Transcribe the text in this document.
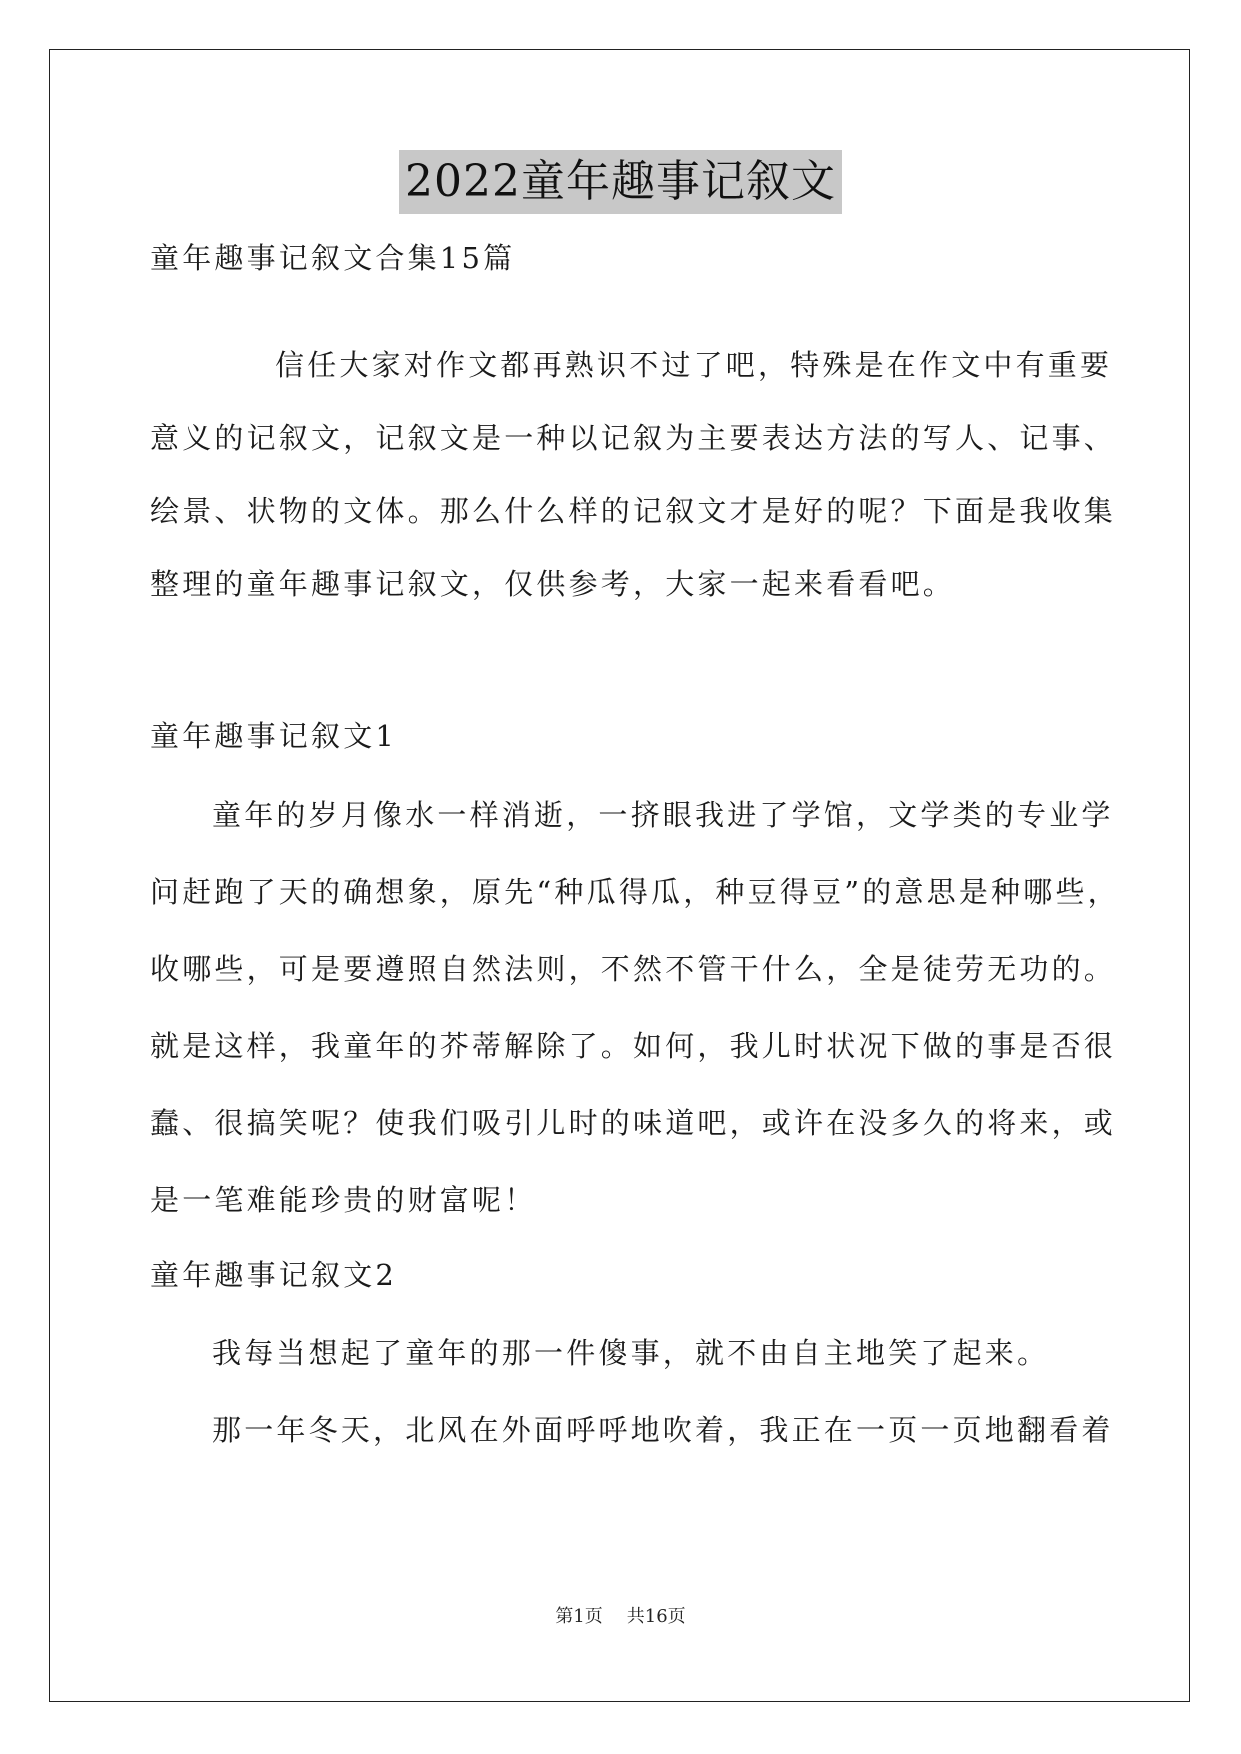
2022童年趣事记叙文
童年趣事记叙文合集15篇
信任大家对作文都再熟识不过了吧，特殊是在作文中有重要
意义的记叙文，记叙文是一种以记叙为主要表达方法的写人、记事、
绘景、状物的文体。那么什么样的记叙文才是好的呢？下面是我收集
整理的童年趣事记叙文，仅供参考，大家一起来看看吧。
童年趣事记叙文1
童年的岁月像水一样消逝，一挤眼我进了学馆，文学类的专业学
问赶跑了天的确想象，原先“种瓜得瓜，种豆得豆”的意思是种哪些，
收哪些，可是要遵照自然法则，不然不管干什么，全是徒劳无功的。
就是这样，我童年的芥蒂解除了。如何，我儿时状况下做的事是否很
蠢、很搞笑呢？使我们吸引儿时的味道吧，或许在没多久的将来，或
是一笔难能珍贵的财富呢！
童年趣事记叙文2
我每当想起了童年的那一件傻事，就不由自主地笑了起来。
那一年冬天，北风在外面呼呼地吹着，我正在一页一页地翻看着
第1页 共16页
